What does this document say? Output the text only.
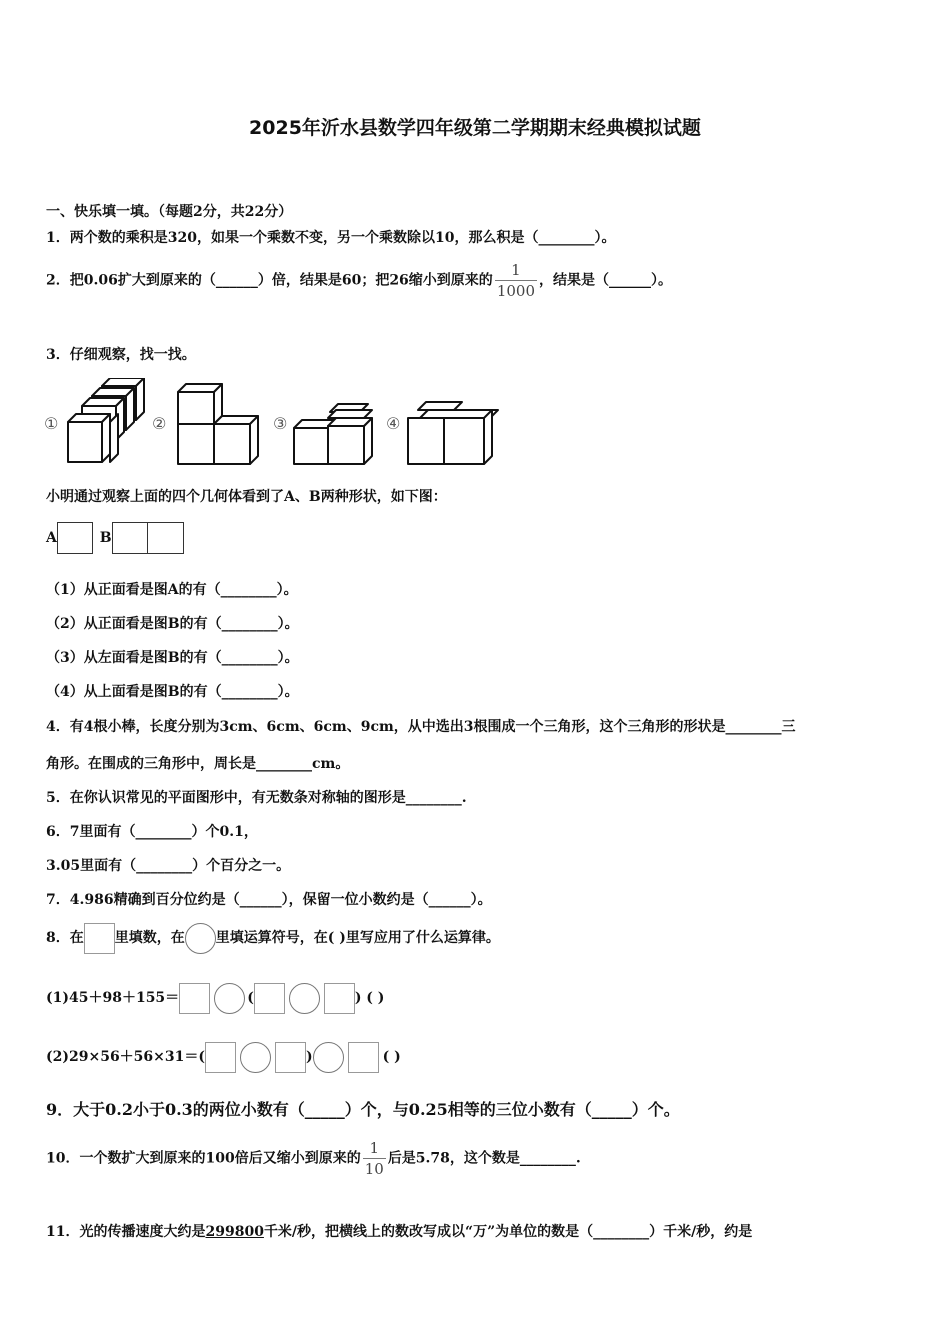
2025年沂水县数学四年级第二学期期末经典模拟试题
一、快乐填一填。（每题2分，共22分）
1．两个数的乘积是320，如果一个乘数不变，另一个乘数除以10，那么积是（________）。
2．把0.06扩大到原来的（______）倍，结果是60；把26缩小到原来的 $\frac{1}{1000}$ ，结果是（______）。
3．仔细观察，找一找。
①	②	③	④
小明通过观察上面的四个几何体看到了A、B两种形状，如下图：
A	B
（1）从正面看是图A的有（________）。
（2）从正面看是图B的有（________）。
（3）从左面看是图B的有（________）。
（4）从上面看是图B的有（________）。
4．有4根小棒，长度分别为3cm、6cm、6cm、9cm，从中选出3根围成一个三角形，这个三角形的形状是________三
角形。在围成的三角形中，周长是________cm。
5．在你认识常见的平面图形中，有无数条对称轴的图形是________.
6．7里面有（________）个0.1，
3.05里面有（________）个百分之一。
7．4.986精确到百分位约是（______），保留一位小数约是（______）。
8．在 里填数，在 里填运算符号，在( )里写应用了什么运算律。
(1)45＋98＋155＝	(	) ( )
(2)29×56＋56×31＝(	)	( )
9．大于0.2小于0.3的两位小数有（_____）个，与0.25相等的三位小数有（_____）个。
10．一个数扩大到原来的100倍后又缩小到原来的 $\frac{1}{10}$ 后是5.78，这个数是________.
11．光的传播速度大约是299800千米/秒，把横线上的数改写成以“万”为单位的数是（________）千米/秒，约是
